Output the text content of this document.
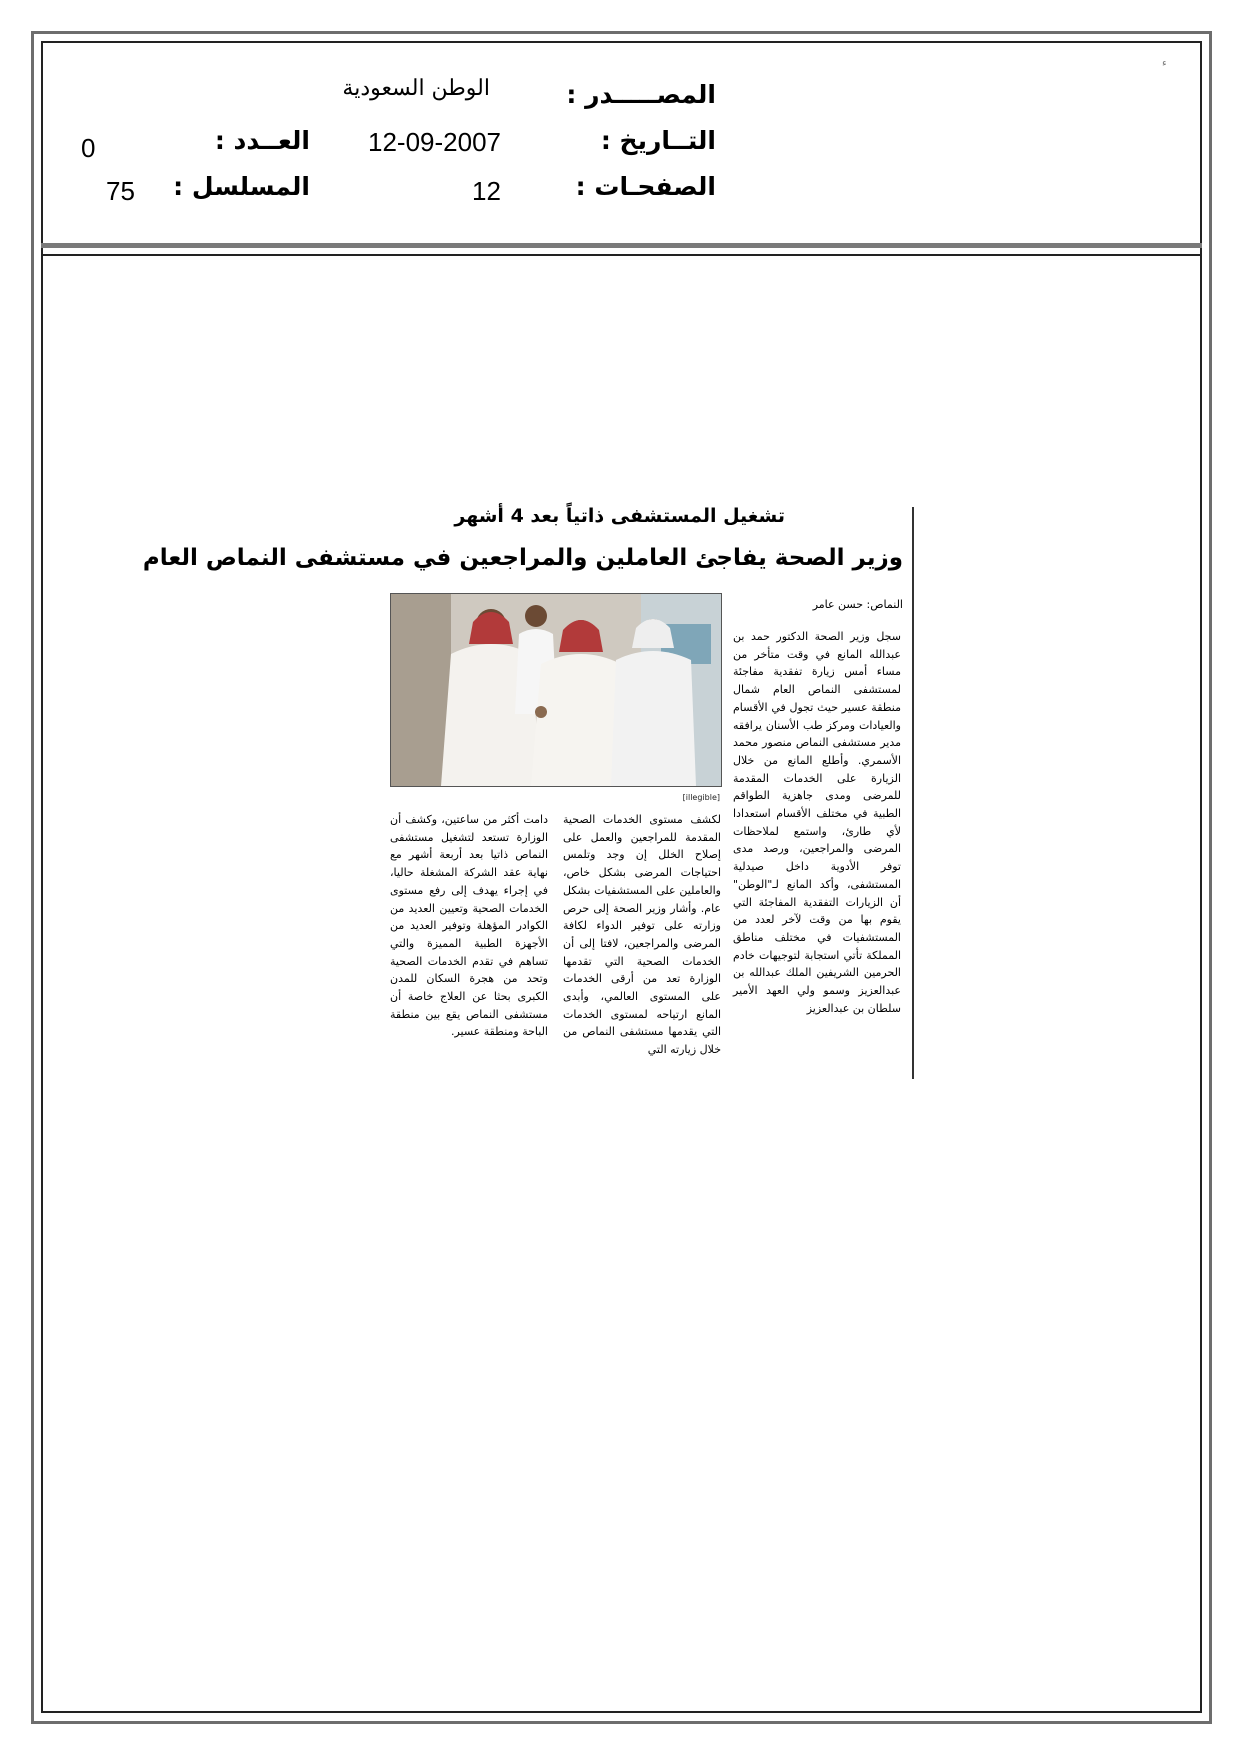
ء
المصـــــدر :
الوطن السعودية
التــاريخ :
12-09-2007
العــدد :
0
الصفحـات :
12
المسلسل :
75
تشغيل المستشفى ذاتياً بعد 4 أشهر
وزير الصحة يفاجئ العاملين والمراجعين في مستشفى النماص العام
النماص: حسن عامر
[illegible]
سجل وزير الصحة الدكتور حمد بن عبدالله المانع في وقت متأخر من مساء أمس زيارة تفقدية مفاجئة لمستشفى النماص العام شمال منطقة عسير حيث تجول في الأقسام والعيادات ومركز طب الأسنان يرافقه مدير مستشفى النماص منصور محمد الأسمري. وأطلع المانع من خلال الزيارة على الخدمات المقدمة للمرضى ومدى جاهزية الطواقم الطبية في مختلف الأقسام استعدادا لأي طارئ، واستمع لملاحظات المرضى والمراجعين، ورصد مدى توفر الأدوية داخل صيدلية المستشفى، وأكد المانع لـ"الوطن" أن الزيارات التفقدية المفاجئة التي يقوم بها من وقت لآخر لعدد من المستشفيات في مختلف مناطق المملكة تأتي استجابة لتوجيهات خادم الحرمين الشريفين الملك عبدالله بن عبدالعزيز وسمو ولي العهد الأمير سلطان بن عبدالعزيز
لكشف مستوى الخدمات الصحية المقدمة للمراجعين والعمل على إصلاح الخلل إن وجد وتلمس احتياجات المرضى بشكل خاص، والعاملين على المستشفيات بشكل عام. وأشار وزير الصحة إلى حرص وزارته على توفير الدواء لكافة المرضى والمراجعين، لافتا إلى أن الخدمات الصحية التي تقدمها الوزارة تعد من أرقى الخدمات على المستوى العالمي، وأبدى المانع ارتياحه لمستوى الخدمات التي يقدمها مستشفى النماص من خلال زيارته التي
دامت أكثر من ساعتين، وكشف أن الوزارة تستعد لتشغيل مستشفى النماص ذاتيا بعد أربعة أشهر مع نهاية عقد الشركة المشغلة حاليا، في إجراء يهدف إلى رفع مستوى الخدمات الصحية وتعيين العديد من الكوادر المؤهلة وتوفير العديد من الأجهزة الطبية المميزة والتي تساهم في تقدم الخدمات الصحية وتحد من هجرة السكان للمدن الكبرى بحثا عن العلاج خاصة أن مستشفى النماص يقع بين منطقة الباحة ومنطقة عسير.
